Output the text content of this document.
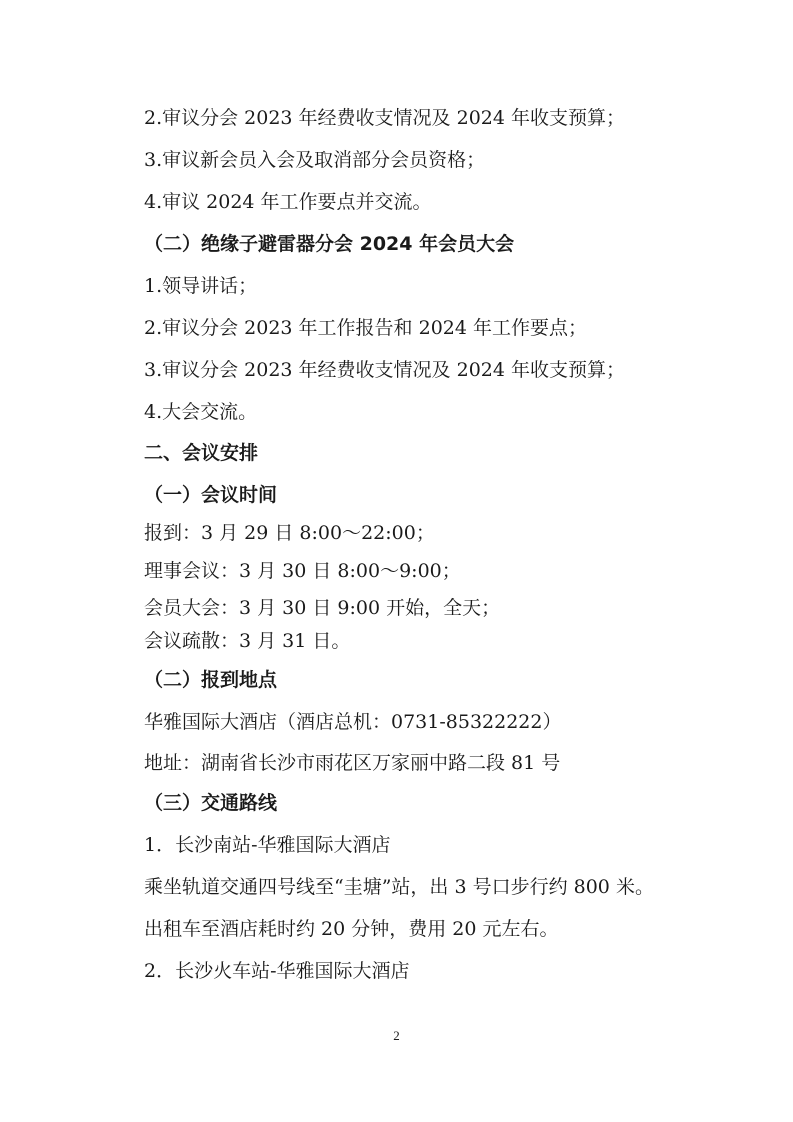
2.审议分会 2023 年经费收支情况及 2024 年收支预算；
3.审议新会员入会及取消部分会员资格；
4.审议 2024 年工作要点并交流。
（二）绝缘子避雷器分会 2024 年会员大会
1.领导讲话；
2.审议分会 2023 年工作报告和 2024 年工作要点；
3.审议分会 2023 年经费收支情况及 2024 年收支预算；
4.大会交流。
二、会议安排
（一）会议时间
报到：3 月 29 日 8:00～22:00；
理事会议：3 月 30 日 8:00～9:00；
会员大会：3 月 30 日 9:00 开始，全天；
会议疏散：3 月 31 日。
（二）报到地点
华雅国际大酒店（酒店总机：0731-85322222）
地址：湖南省长沙市雨花区万家丽中路二段 81 号
（三）交通路线
1．长沙南站-华雅国际大酒店
乘坐轨道交通四号线至“圭塘”站，出 3 号口步行约 800 米。
出租车至酒店耗时约 20 分钟，费用 20 元左右。
2．长沙火车站-华雅国际大酒店
2
